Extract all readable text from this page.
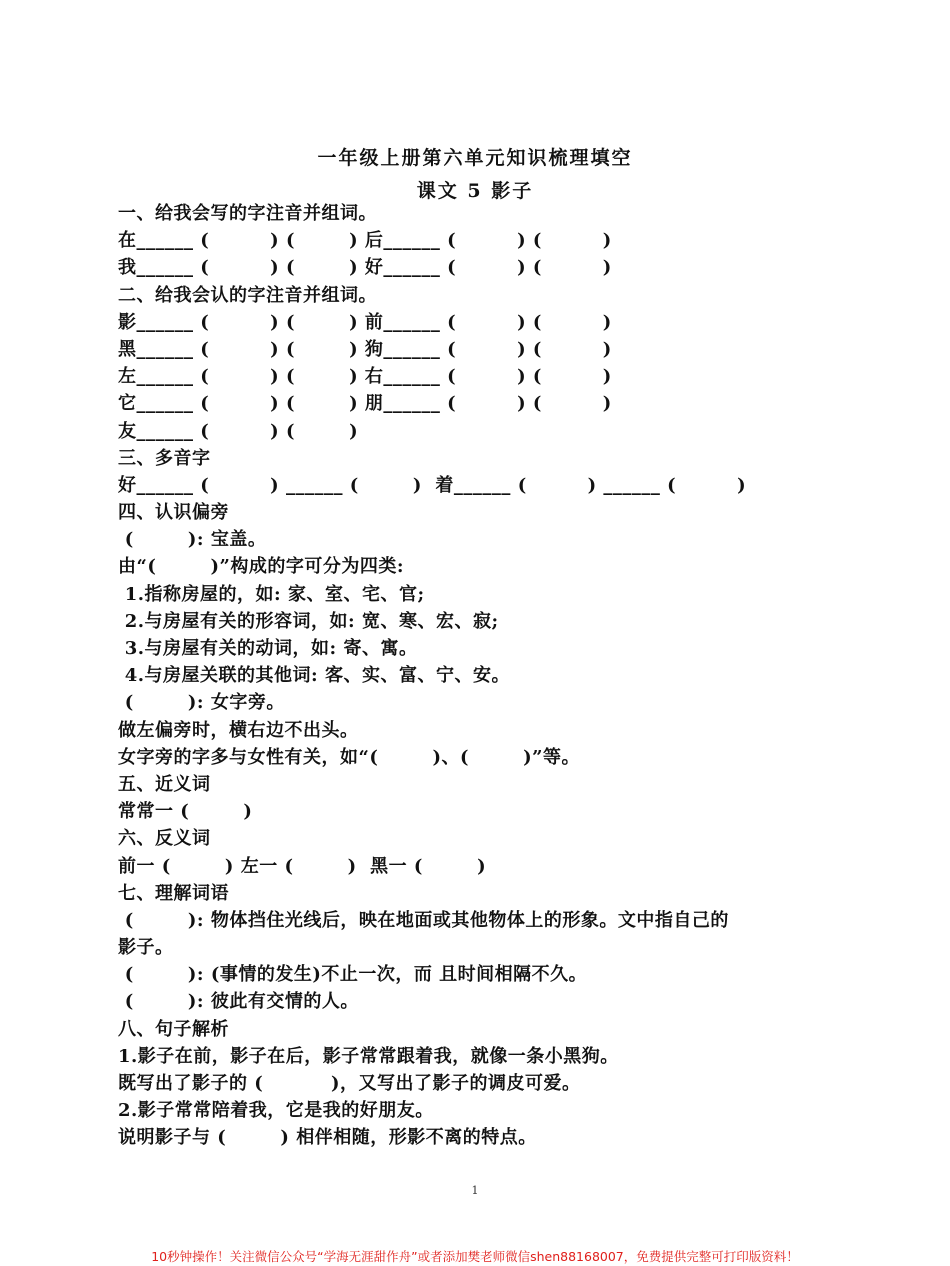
一年级上册第六单元知识梳理填空
课文 5 影子
一、给我会写的字注音并组词。
在______ (         ) (        ) 后______ (         ) (         )
我______ (         ) (        ) 好______ (         ) (         )
二、给我会认的字注音并组词。
影______ (         ) (        ) 前______ (         ) (         )
黑______ (         ) (        ) 狗______ (         ) (         )
左______ (         ) (        ) 右______ (         ) (         )
它______ (         ) (        ) 朋______ (         ) (         )
友______ (         ) (        )
三、多音字
好______ (         ) ______ (        )  着______ (         ) ______ (         )
四、认识偏旁
(        ): 宝盖。
由“(        )”构成的字可分为四类:
1.指称房屋的，如: 家、室、宅、官;
2.与房屋有关的形容词，如: 宽、寒、宏、寂;
3.与房屋有关的动词，如: 寄、寓。
4.与房屋关联的其他词: 客、实、富、宁、安。
(        ): 女字旁。
做左偏旁时，横右边不出头。
女字旁的字多与女性有关，如“(        )、(        )”等。
五、近义词
常常一 (        )
六、反义词
前一 (        ) 左一 (        )  黑一 (        )
七、理解词语
(        ): 物体挡住光线后，映在地面或其他物体上的形象。文中指自己的
影子。
(        ): (事情的发生)不止一次，而 且时间相隔不久。
(        ): 彼此有交情的人。
八、句子解析
1.影子在前，影子在后，影子常常跟着我，就像一条小黑狗。
既写出了影子的 (          )，又写出了影子的调皮可爱。
2.影子常常陪着我，它是我的好朋友。
说明影子与 (        ) 相伴相随，形影不离的特点。
1
10秒钟操作！关注微信公众号“学海无涯甜作舟”或者添加樊老师微信shen88168007，免费提供完整可打印版资料！
